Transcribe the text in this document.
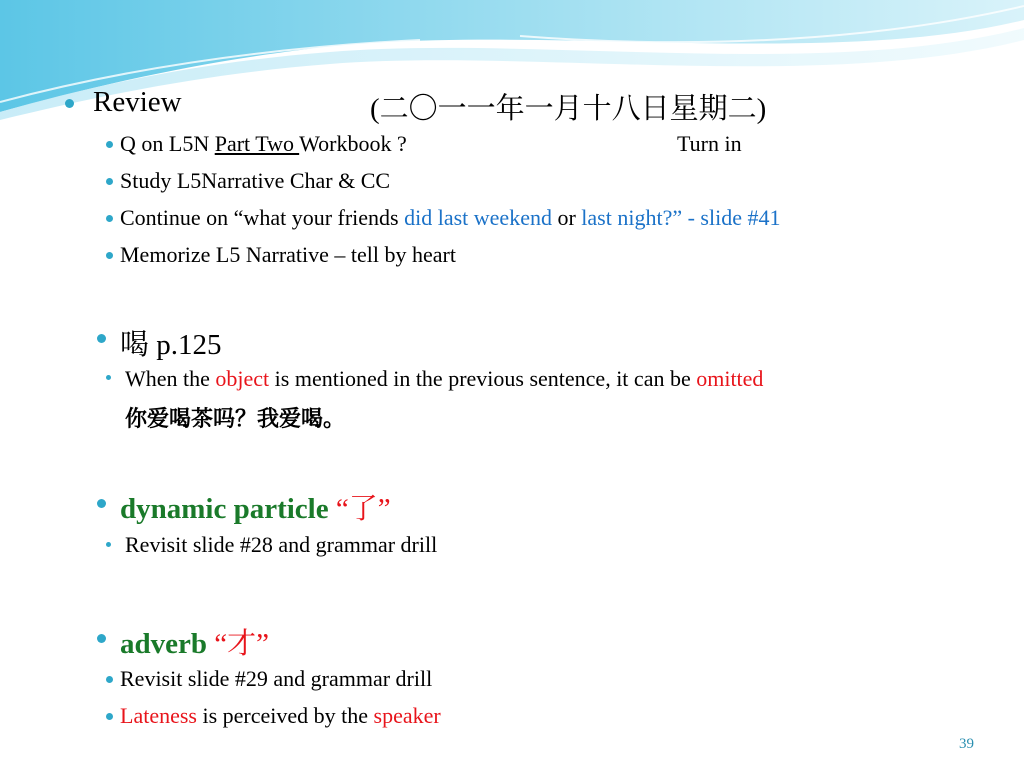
Review	(二〇一一年一月十八日星期二)
Q on L5N Part Two Workbook ?	Turn in
Study L5Narrative Char & CC
Continue on “what your friends did last weekend or last night?” - slide #41
Memorize L5 Narrative – tell by heart
喝 p.125
When the object is mentioned in the previous sentence, it can be omitted
你爱喝茶吗？我爱喝。
dynamic particle “了”
Revisit slide #28 and grammar drill
adverb “才”
Revisit slide #29 and grammar drill
Lateness is perceived by the speaker
39
